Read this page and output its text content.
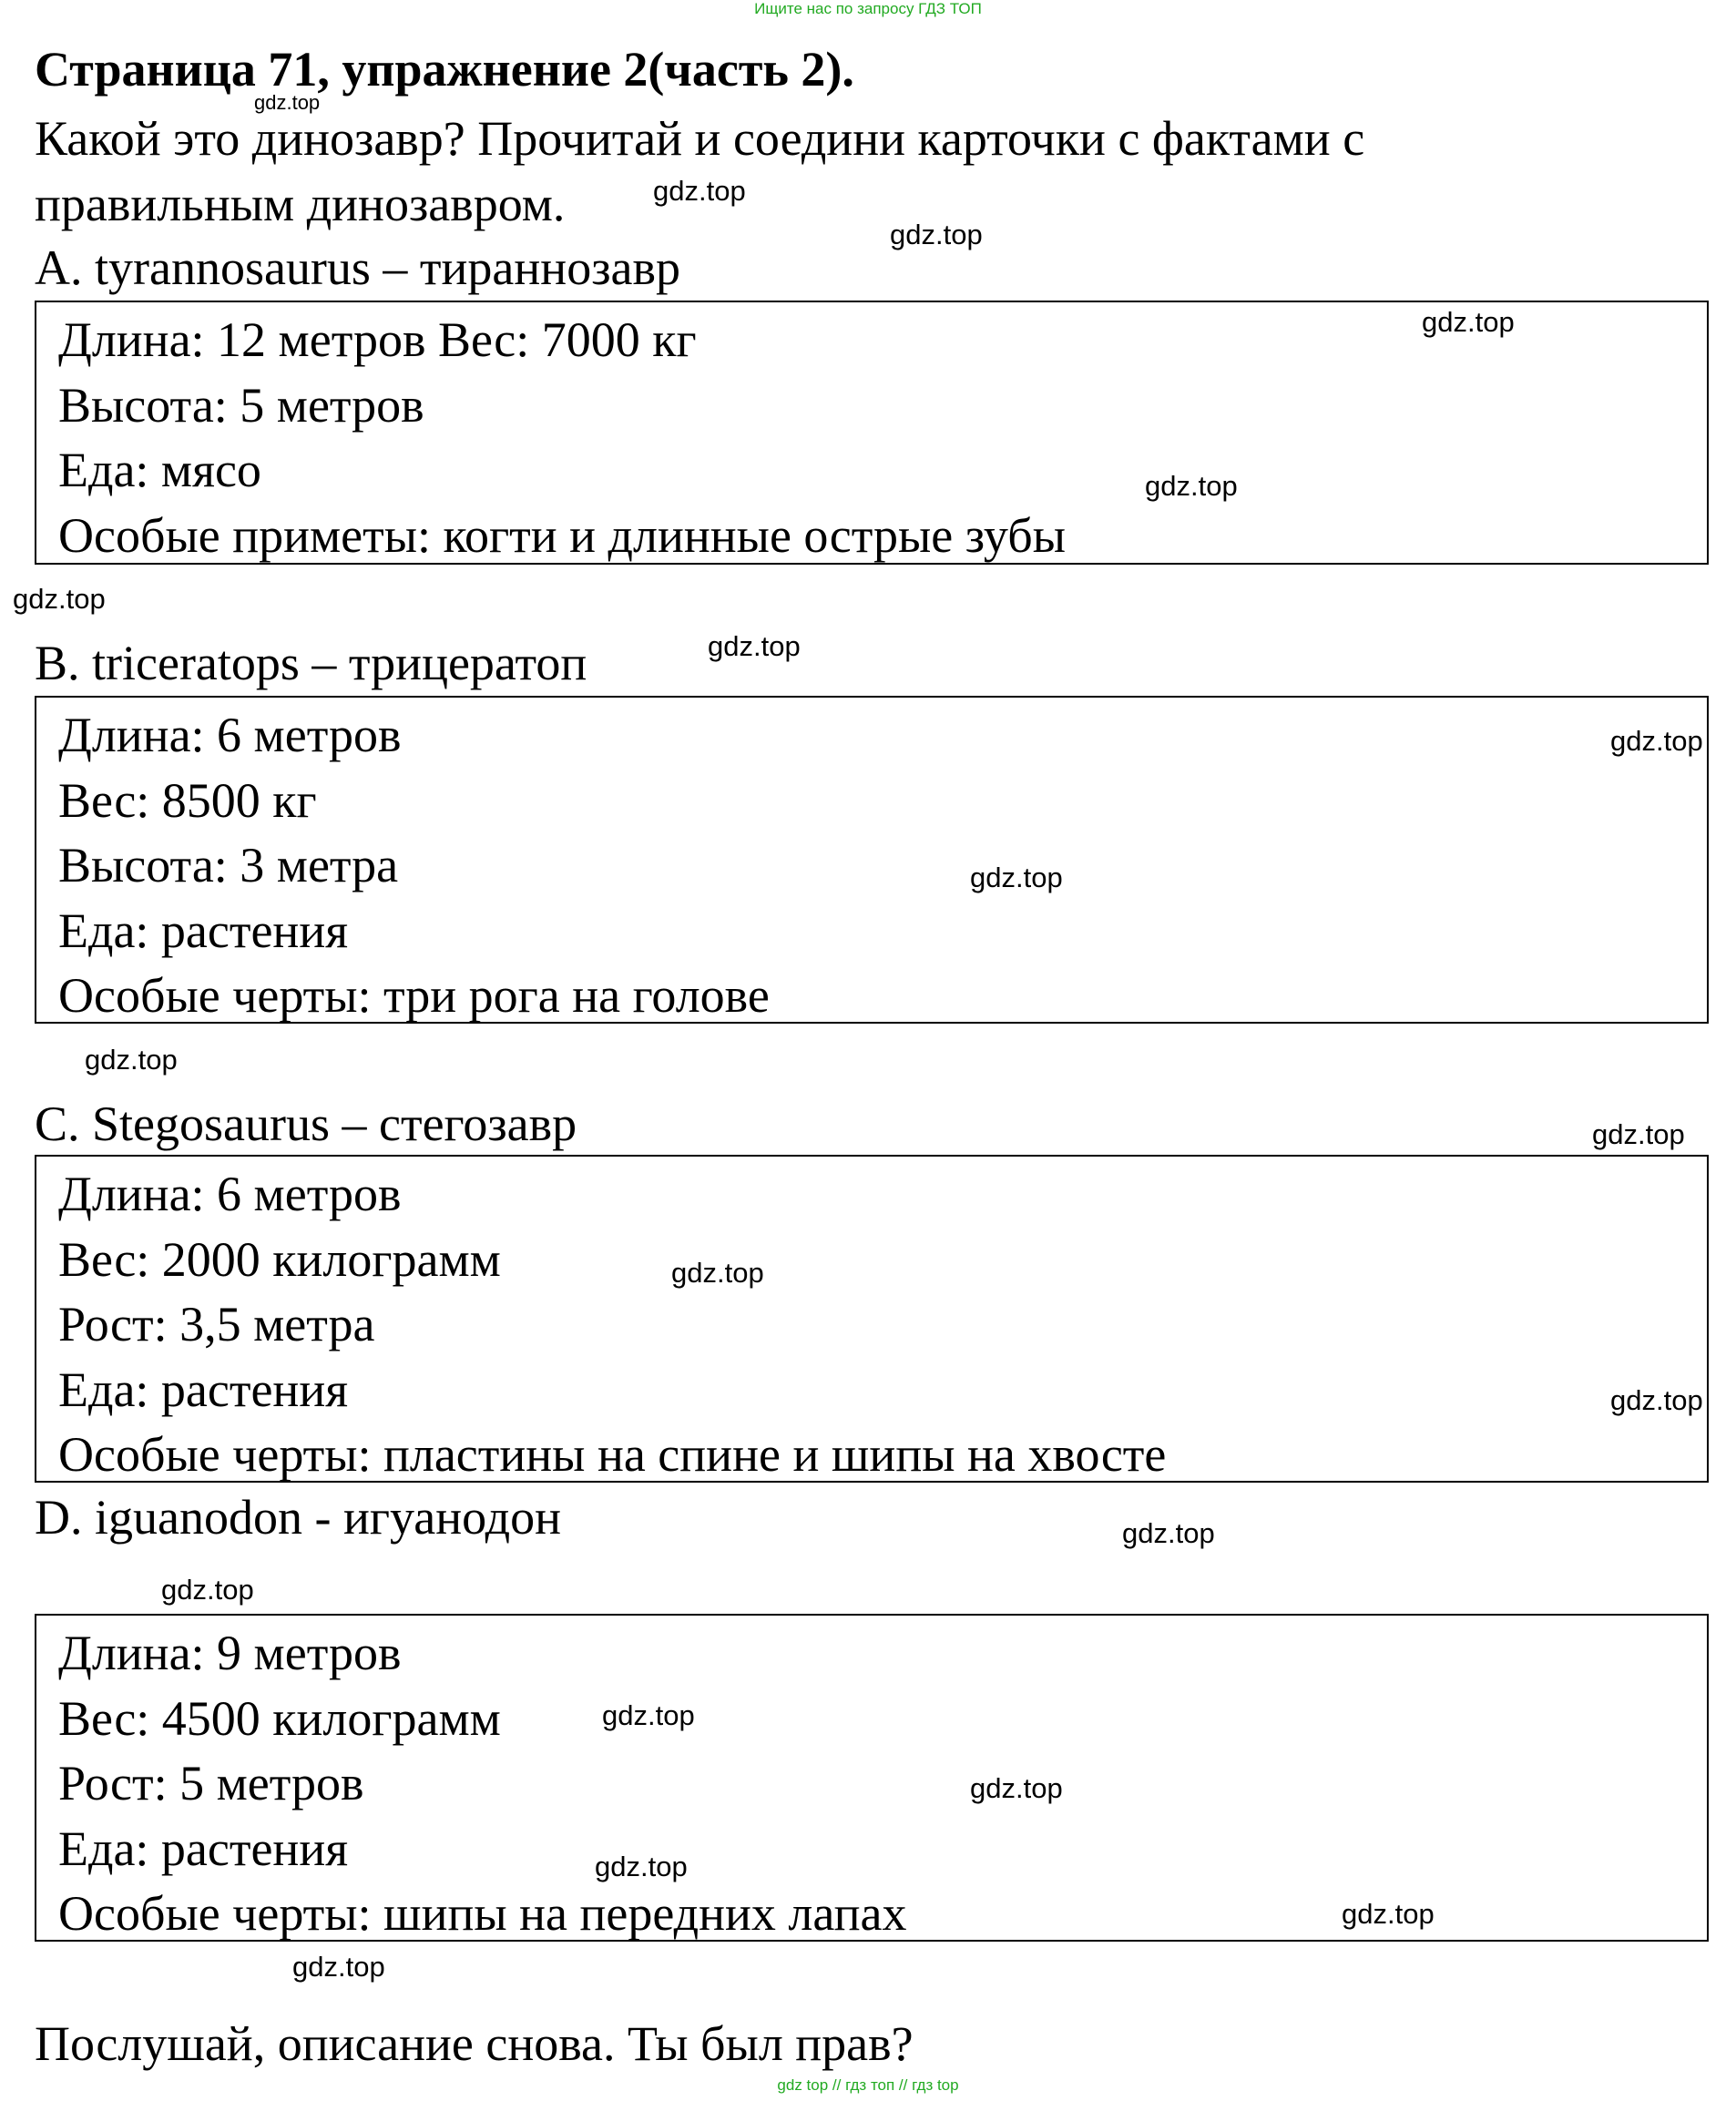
Ищите нас по запросу ГДЗ ТОП
Страница 71, упражнение 2(часть 2).
Какой это динозавр? Прочитай и соедини карточки с фактами с правильным динозавром.
A. tyrannosaurus – тираннозавр
Длина: 12 метров Вес: 7000 кг
Высота: 5 метров
Еда: мясо
Особые приметы: когти и длинные острые зубы
B. triceratops – трицератоп
Длина: 6 метров
Вес: 8500 кг
Высота: 3 метра
Еда: растения
Особые черты: три рога на голове
C. Stegosaurus – стегозавр
Длина: 6 метров
Вес: 2000 килограмм
Рост: 3,5 метра
Еда: растения
Особые черты: пластины на спине и шипы на хвосте
D. iguanodon - игуанодон
Длина: 9 метров
Вес: 4500 килограмм
Рост: 5 метров
Еда: растения
Особые черты: шипы на передних лапах
Послушай, описание снова. Ты был прав?
gdz top // гдз топ // гдз top
gdz.top
gdz.top
gdz.top
gdz.top
gdz.top
gdz.top
gdz.top
gdz.top
gdz.top
gdz.top
gdz.top
gdz.top
gdz.top
gdz.top
gdz.top
gdz.top
gdz.top
gdz.top
gdz.top
gdz.top
